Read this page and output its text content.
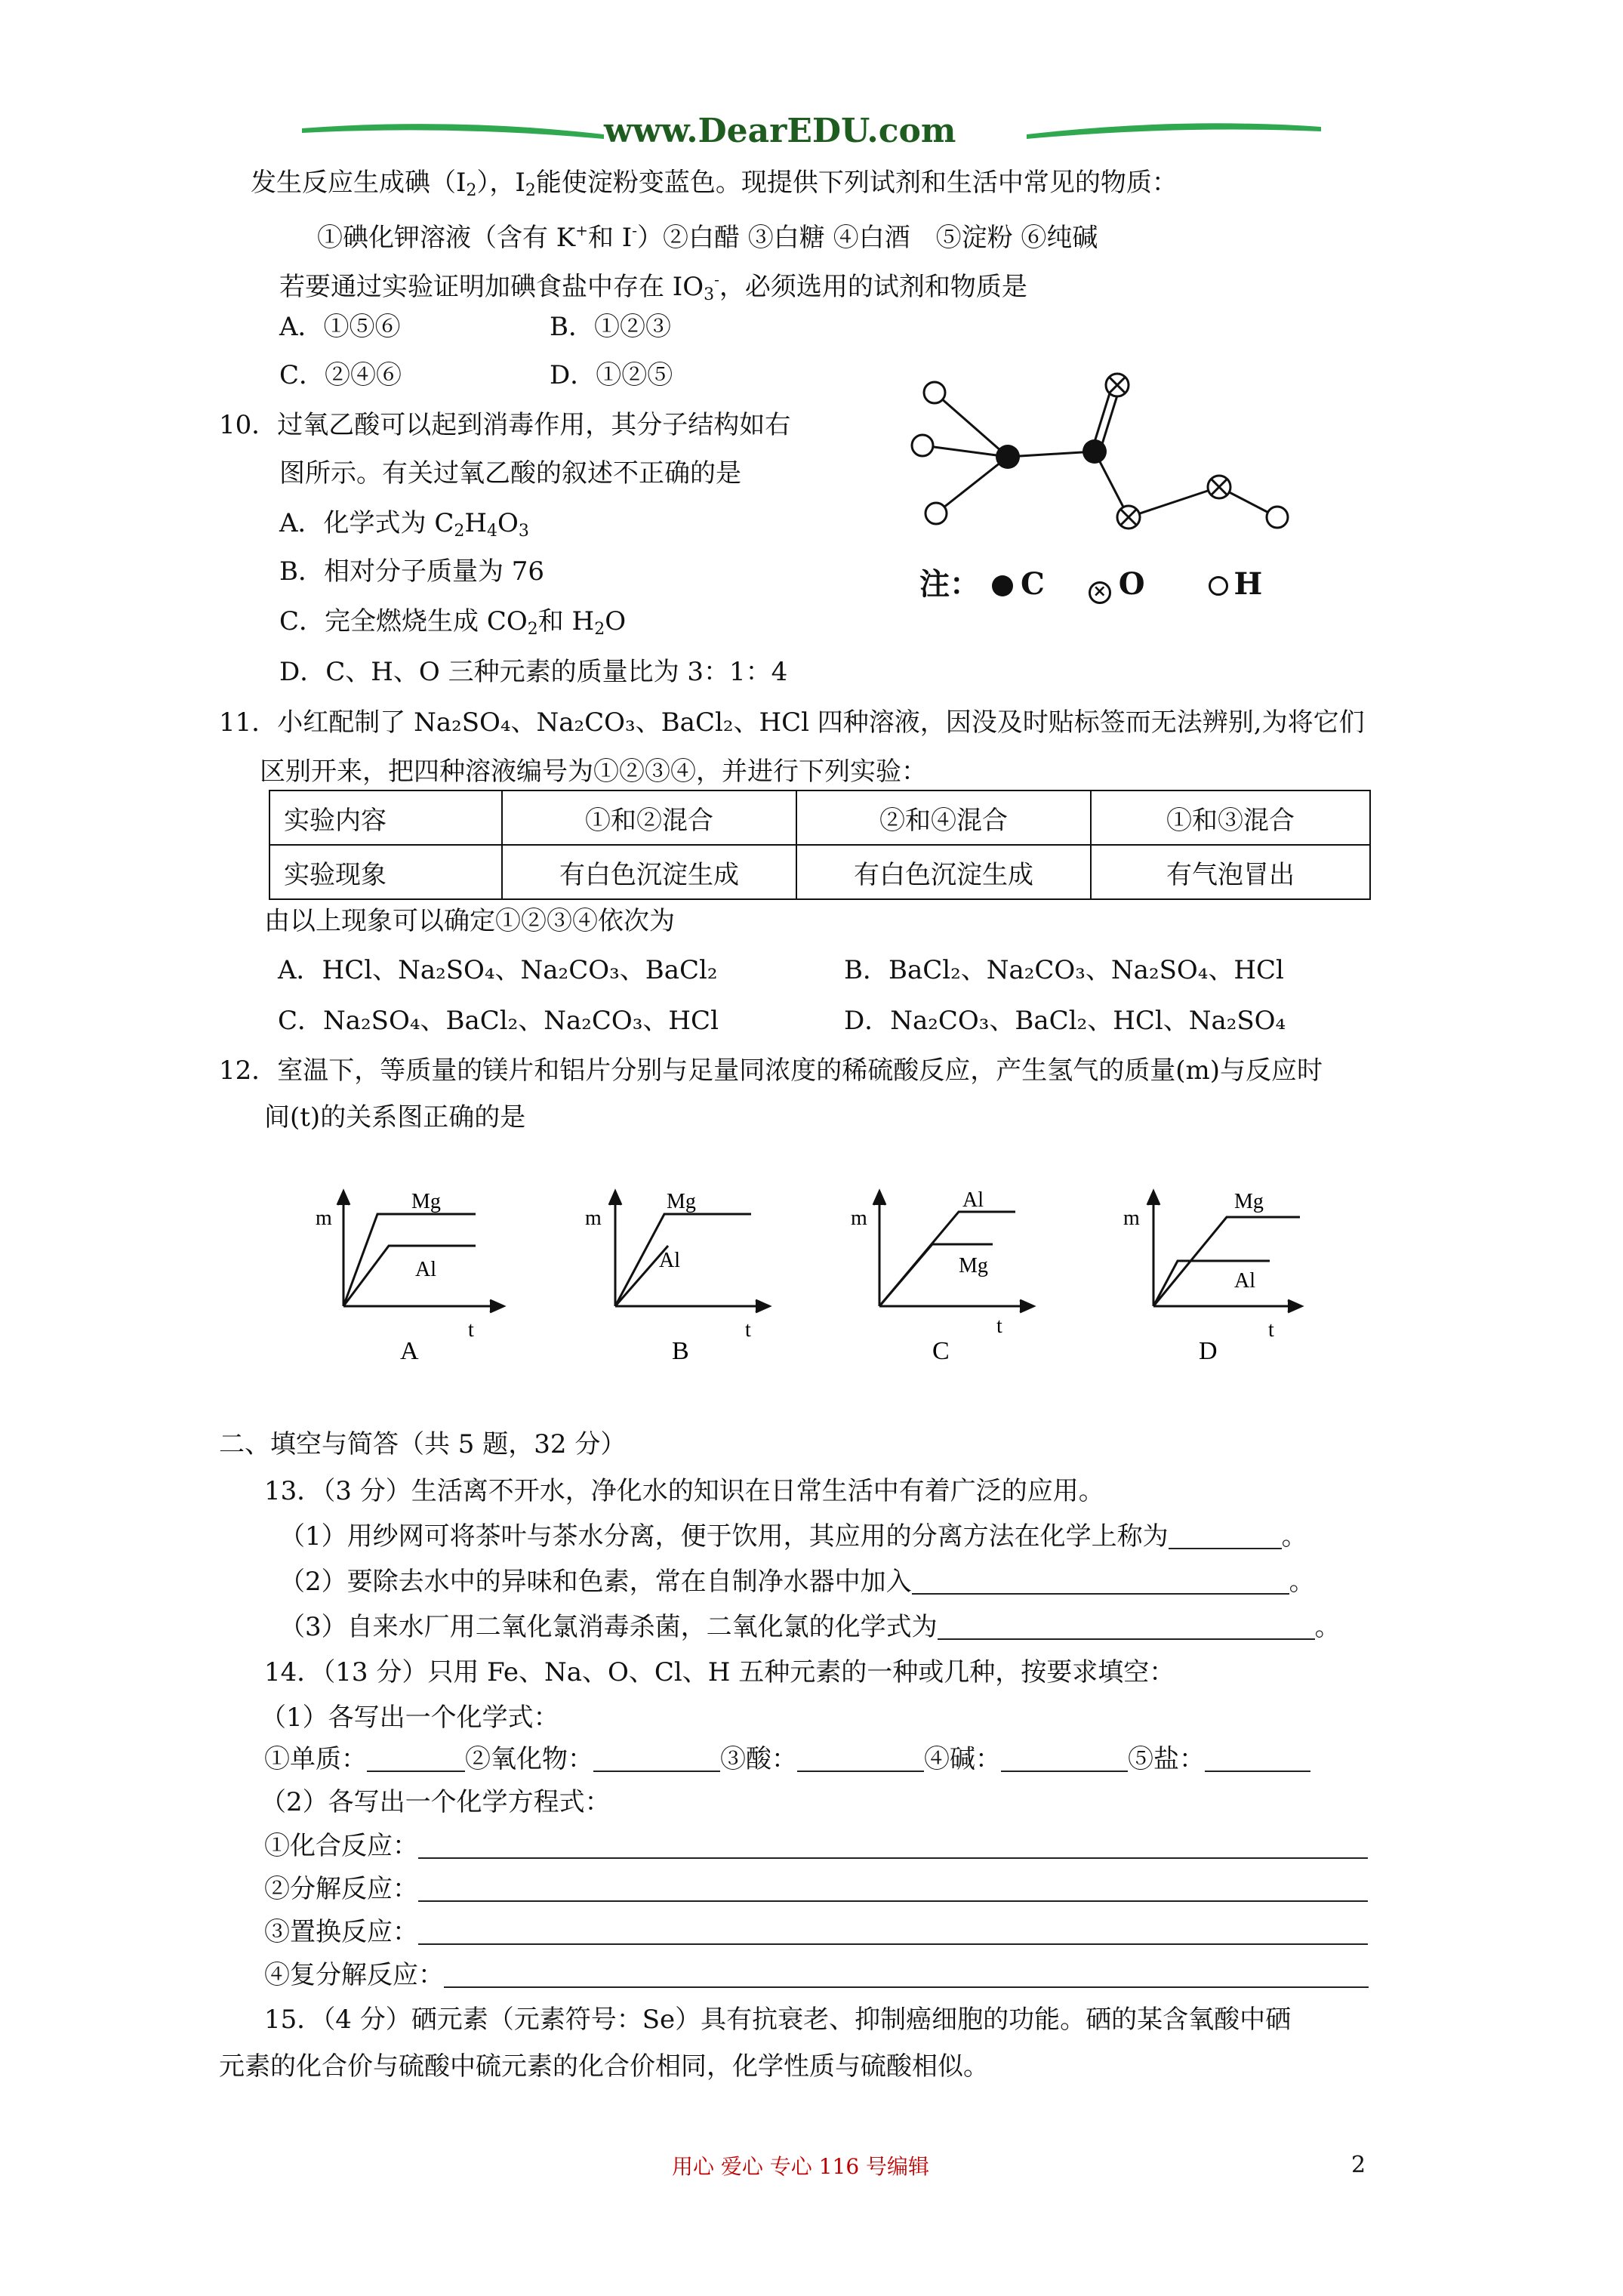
www.DearEDU.com
发生反应生成碘$(I_2)$，$I_2$能使淀粉变蓝色。现提供下列试剂和生活中常见的物质：
①碘化钾溶液（含有 K+和 I-）②白醋 ③白糖 ④白酒　⑤淀粉 ⑥纯碱
若要通过实验证明加碘食盐中存在 $IO_3^-$，必须选用的试剂和物质是
A．①⑤⑥	B．①②③
C．②④⑥	D．①②⑤
10．过氧乙酸可以起到消毒作用，其分子结构如右
图所示。有关过氧乙酸的叙述不正确的是
A．化学式为 $C_2H_4O_3$
B．相对分子质量为 76
C．完全燃烧生成 $CO_2$和 $H_2O$
D．C、H、O 三种元素的质量比为 3：1：4
注： C	× O	H
11．小红配制了 Na₂SO₄、Na₂CO₃、BaCl₂、HCl 四种溶液，因没及时贴标签而无法辨别,为将它们
区别开来，把四种溶液编号为①②③④，并进行下列实验：
实验内容	①和②混合	②和④混合	①和③混合
实验现象	有白色沉淀生成	有白色沉淀生成	有气泡冒出
由以上现象可以确定①②③④依次为
A．HCl、Na₂SO₄、Na₂CO₃、BaCl₂	B．BaCl₂、Na₂CO₃、Na₂SO₄、HCl
C．Na₂SO₄、BaCl₂、Na₂CO₃、HCl	D．Na₂CO₃、BaCl₂、HCl、Na₂SO₄
12．室温下，等质量的镁片和铝片分别与足量同浓度的稀硫酸反应，产生氢气的质量(m)与反应时
间(t)的关系图正确的是
m
Mg
Al
t
A
m
Mg
Al
t
B
m
Al
Mg
t
C
m
Mg
Al
t
D
二、填空与简答（共 5 题，32 分）
13．（3 分）生活离不开水，净化水的知识在日常生活中有着广泛的应用。
（1）用纱网可将茶叶与茶水分离，便于饮用，其应用的分离方法在化学上称为	。
（2）要除去水中的异味和色素，常在自制净水器中加入	。
（3）自来水厂用二氧化氯消毒杀菌，二氧化氯的化学式为	。
14．（13 分）只用 Fe、Na、O、Cl、H 五种元素的一种或几种，按要求填空：
（1）各写出一个化学式：
①单质：	②氧化物：	③酸：	④碱：	⑤盐：
（2）各写出一个化学方程式：
①化合反应：
②分解反应：
③置换反应：
④复分解反应：
15．（4 分）硒元素（元素符号：Se）具有抗衰老、抑制癌细胞的功能。硒的某含氧酸中硒
元素的化合价与硫酸中硫元素的化合价相同，化学性质与硫酸相似。
用心 爱心 专心 116 号编辑	2
